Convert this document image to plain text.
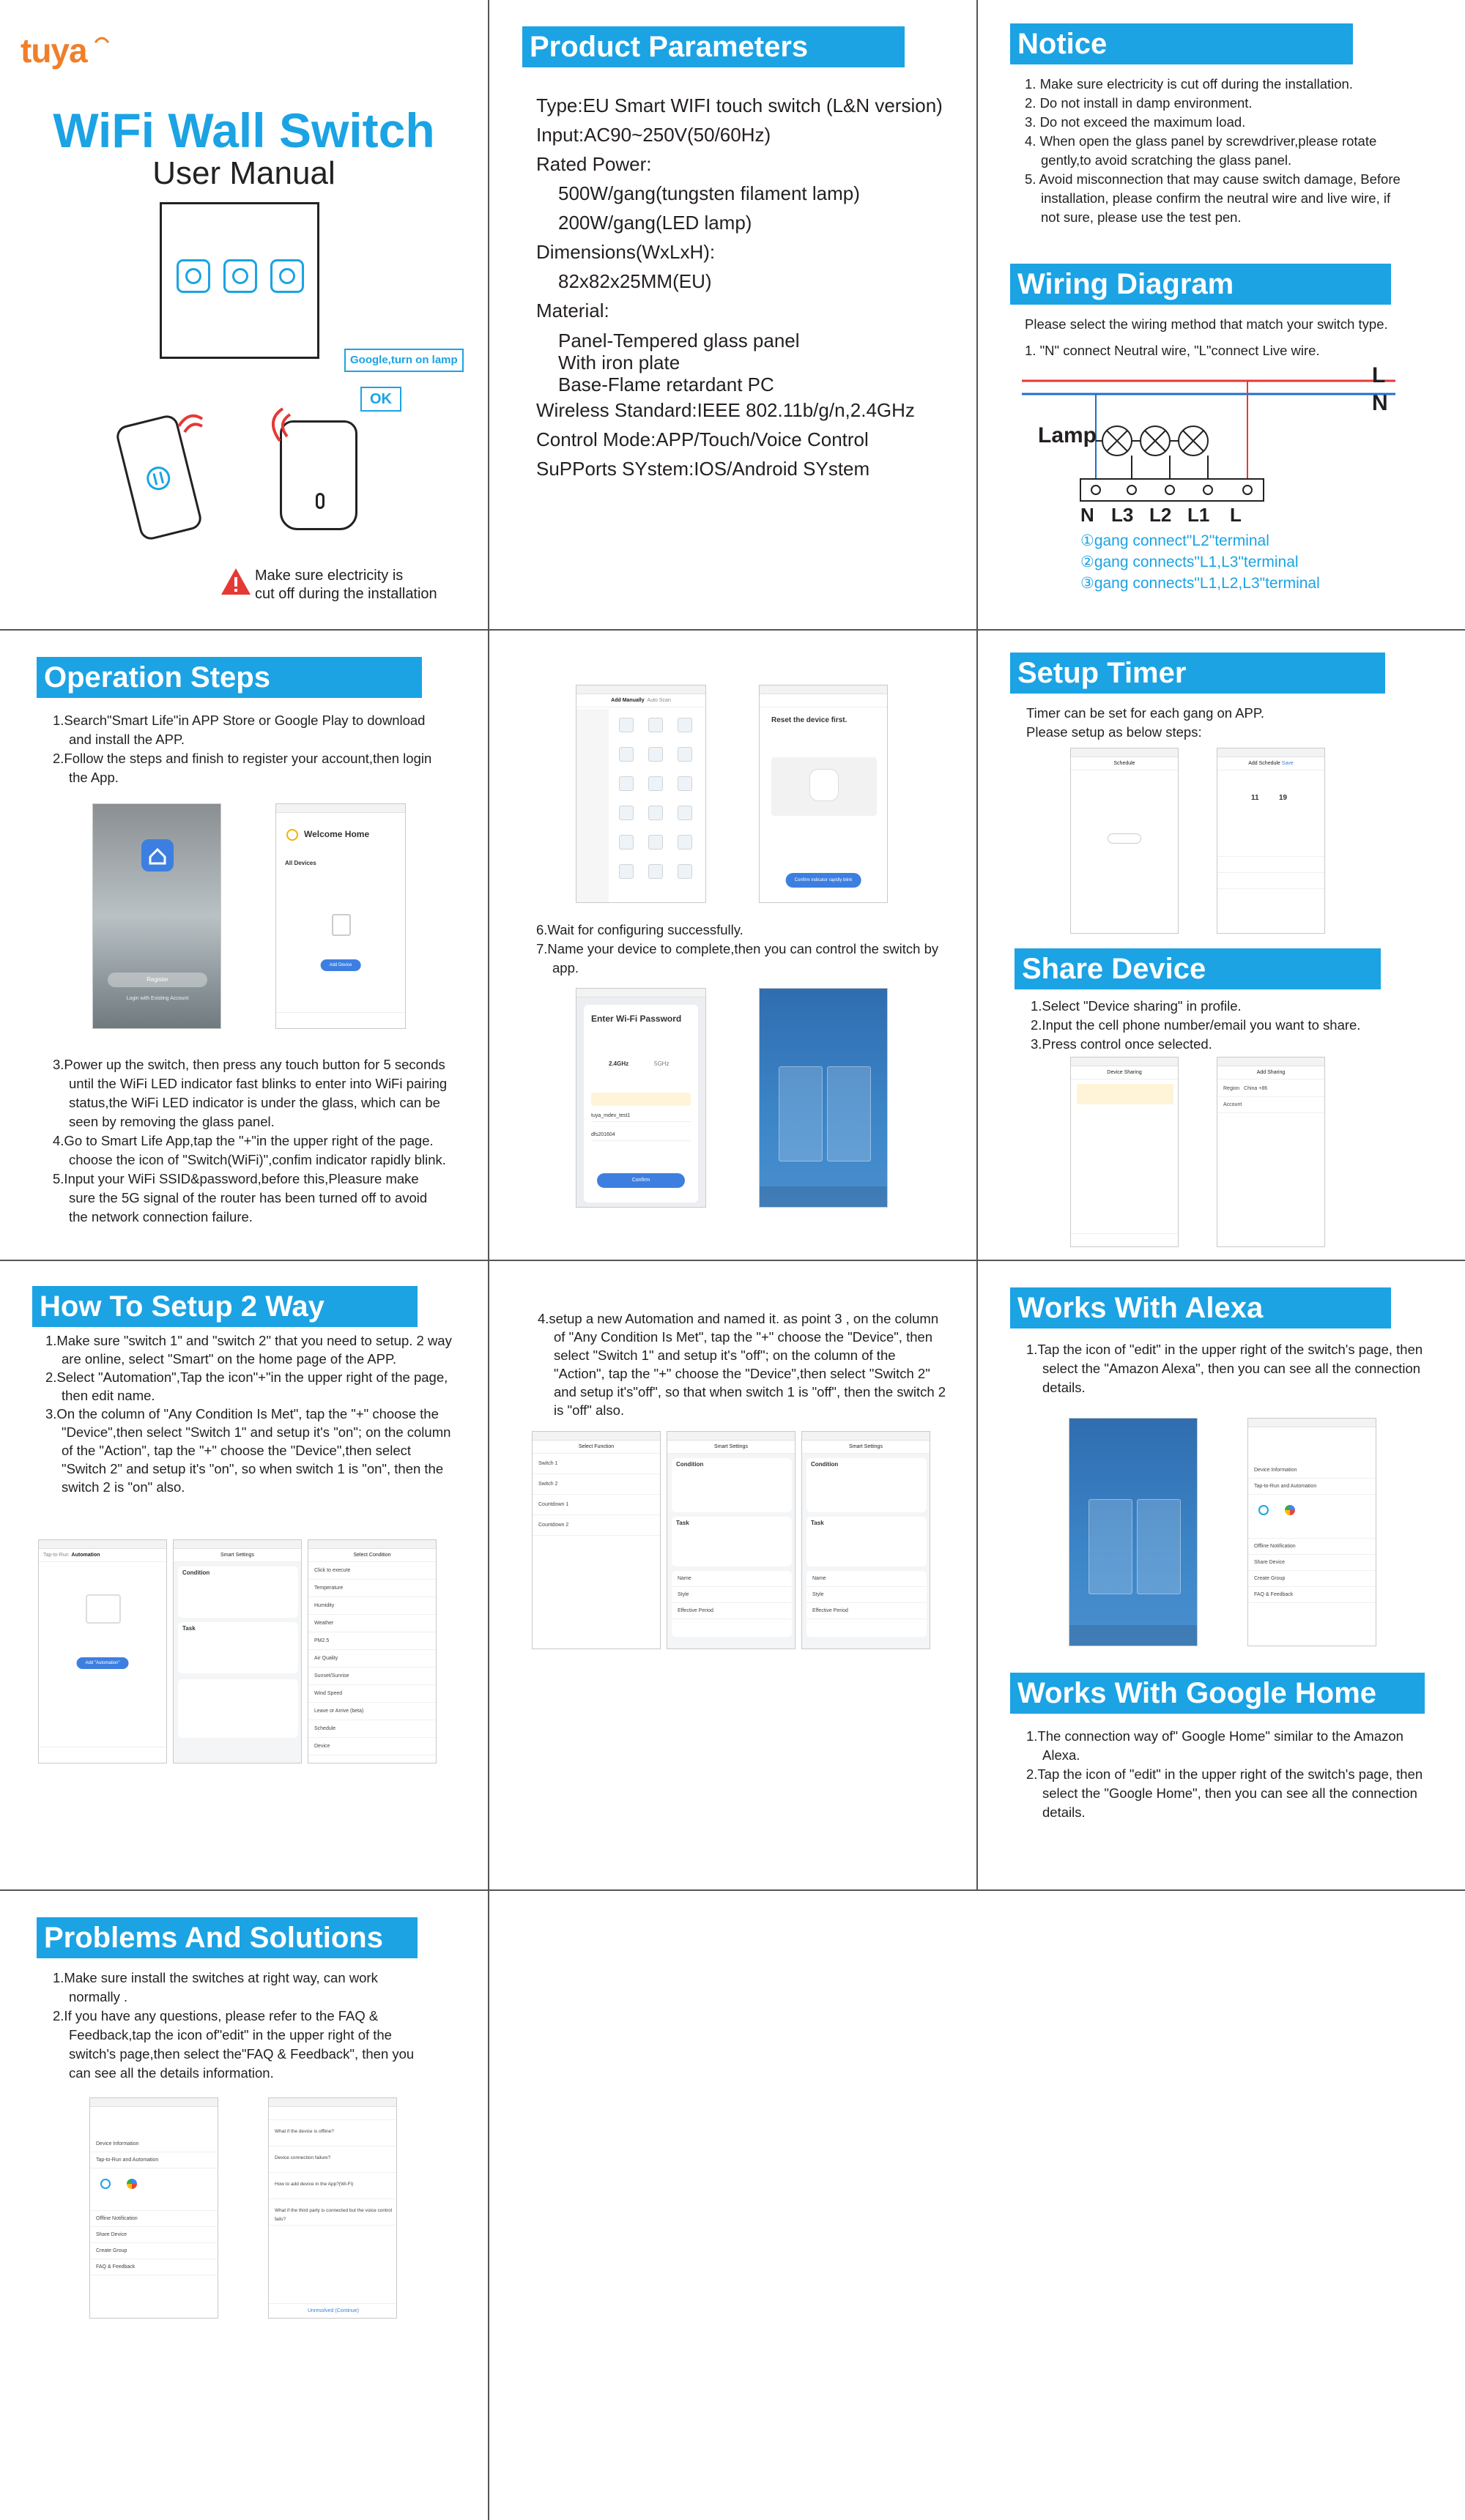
tuya
WiFi Wall Switch
User Manual
Google,turn on lamp
OK

Make sure electricity is

cut off during the installation

Product Parameters

Type:EU Smart WIFI touch switch (L&N version)

Input:AC90~250V(50/60Hz)

Rated Power:

500W/gang(tungsten filament lamp)

200W/gang(LED lamp)

Dimensions(WxLxH):

82x82x25MM(EU)

Material:

Panel-Tempered glass panel

With iron plate

Base-Flame retardant PC

Wireless Standard:IEEE 802.11b/g/n,2.4GHz

Control Mode:APP/Touch/Voice Control

SuPPorts SYstem:IOS/Android SYstem

Notice

1. Make sure electricity is cut off during the installation.

2. Do not install in damp environment.

3. Do not exceed the maximum load.

4. When open the glass panel by screwdriver,please rotate gently,to avoid scratching the glass panel.

5. Avoid misconnection that may cause switch damage, Before installation, please confirm the neutral wire and live wire, if not sure, please use the test pen.

Wiring Diagram
Please select the wiring method that match your switch type.
1. "N" connect Neutral wire, "L"connect Live wire.
L
N
Lamp
N L3 L2 L1 L

①gang connect"L2"terminal

②gang connects"L1,L3"terminal

③gang connects"L1,L2,L3"terminal

Operation Steps

1.Search"Smart Life"in APP Store or Google Play to download and install the APP.

2.Follow the steps and finish to register your account,then login the App.

Register
Login with Existing Account
Welcome Home
All Devices
Add Device

3.Power up the switch, then press any touch button for 5 seconds until the WiFi LED indicator fast blinks to enter into WiFi pairing status,the WiFi LED indicator is under the glass, which can be seen by removing the glass panel.

4.Go to Smart Life App,tap the "+"in the upper right of the page. choose the icon of "Switch(WiFi)",confim indicator rapidly blink.

5.Input your WiFi SSID&password,before this,Pleasure make sure the 5G signal of the router has been turned off to avoid the network connection failure.

Add Manually Auto Scan
Reset the device first.
Confirm indicator rapidly blink

6.Wait for configuring successfully.

7.Name your device to complete,then you can control the switch by app.

Enter Wi-Fi Password
2.4GHz	5GHz
tuya_mdev_test1
dfs201604
Confirm
Setup Timer

Timer can be set for each gang on APP.

Please setup as below steps:

Schedule	Add Schedule Save
11	19
Share Device

1.Select "Device sharing" in profile.

2.Input the cell phone number/email you want to share.

3.Press control once selected.

Device Sharing	Add Sharing
Region China +86
Account
How To Setup 2 Way

1.Make sure "switch 1" and "switch 2" that you need to setup. 2 way are online, select "Smart" on the home page of the APP.

2.Select "Automation",Tap the icon"+"in the upper right of the page, then edit name.

3.On the column of "Any Condition Is Met", tap the "+" choose the "Device",then select "Switch 1" and setup it's "on"; on the column of the "Action", tap the "+" choose the "Device",then select "Switch 2" and setup it's "on", so when switch 1 is "on", then the switch 2 is "on" also.

Tap-to-Run Automation
Add "Automation"
Smart Settings
Condition
Task
Select Condition
Click to execute
Temperature
Humidity
Weather
PM2.5
Air Quality
Sunset/Sunrise
Wind Speed
Leave or Arrive (beta)
Schedule
Device

4.setup a new Automation and named it. as point 3 , on the column of "Any Condition Is Met", tap the "+" choose the "Device", then select "Switch 1" and setup it's "off"; on the column of the "Action", tap the "+" choose the "Device",then select "Switch 2" and setup it's"off", so that when switch 1 is "off", then the switch 2 is "off" also.

Select Function
Switch 1
Switch 2
Countdown 1
Countdown 2
Smart Settings
Condition
Task
Name
Style
Effective Period
Smart Settings
Condition
Task
Name
Style
Effective Period
Works With Alexa

1.Tap the icon of "edit" in the upper right of the switch's page, then select the "Amazon Alexa", then you can see all the connection details.

Device Information
Tap-to-Run and Automation
Offline Notification
Share Device
Create Group
FAQ & Feedback
Works With Google Home

1.The connection way of" Google Home" similar to the Amazon Alexa.

2.Tap the icon of "edit" in the upper right of the switch's page, then select the "Google Home", then you can see all the connection details.

Problems And Solutions

1.Make sure install the switches at right way, can work normally .

2.If you have any questions, please refer to the FAQ & Feedback,tap the icon of"edit" in the upper right of the switch's page,then select the"FAQ & Feedback", then you can see all the details information.

Device Information
Tap-to-Run and Automation
Offline Notification
Share Device
Create Group
FAQ & Feedback
What if the device is offline?
Device connection failure?
How to add device in the App?(Wi-Fi)
What if the third party is connected but the voice control fails?
Unresolved (Continue)
